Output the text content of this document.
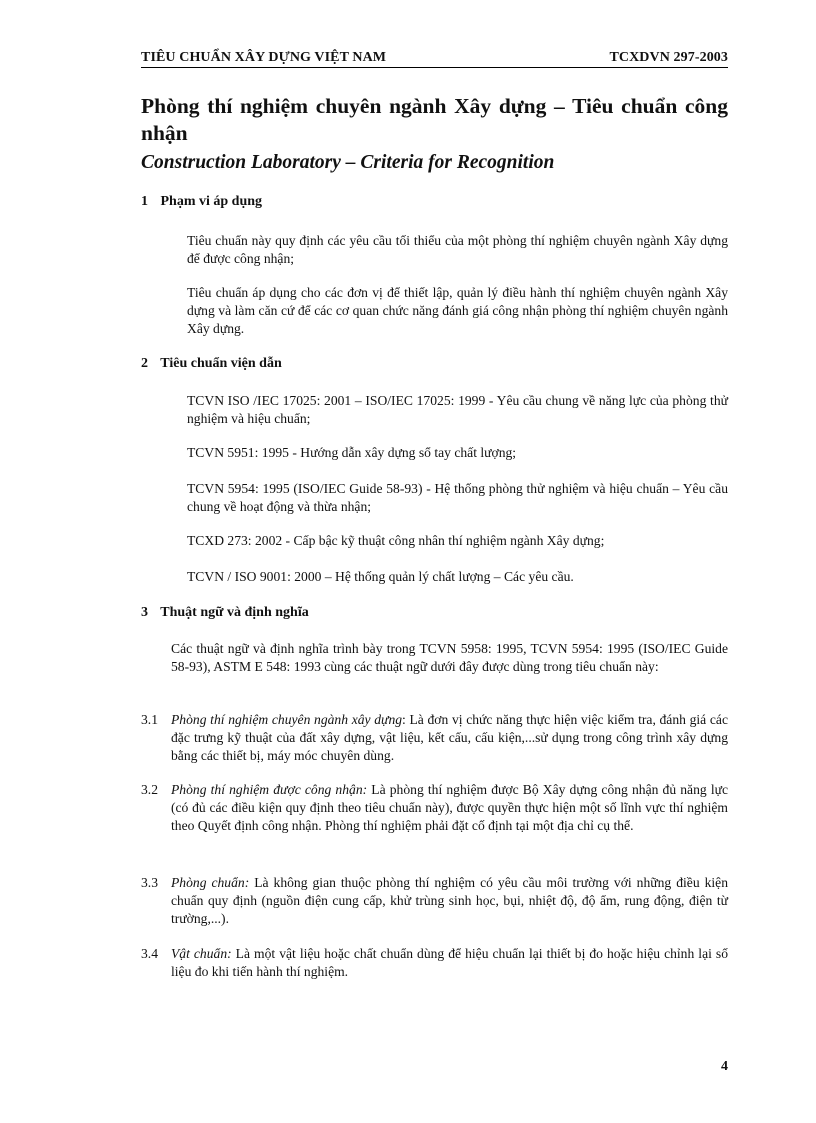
TIÊU CHUẨN XÂY DỰNG VIỆT NAM	TCXDVN 297-2003
Phòng thí nghiệm chuyên ngành Xây dựng – Tiêu chuẩn công nhận
Construction Laboratory – Criteria for Recognition
1 Phạm vi áp dụng
Tiêu chuẩn này quy định các yêu cầu tối thiểu của một phòng thí nghiệm chuyên ngành Xây dựng để được công nhận;
Tiêu chuẩn áp dụng cho các đơn vị để thiết lập, quản lý điều hành thí nghiệm chuyên ngành Xây dựng và làm căn cứ để các cơ quan chức năng đánh giá công nhận phòng thí nghiệm chuyên ngành Xây dựng.
2 Tiêu chuẩn viện dẫn
TCVN ISO /IEC 17025: 2001 – ISO/IEC 17025: 1999 - Yêu cầu chung về năng lực của phòng thử nghiệm và hiệu chuẩn;
TCVN 5951: 1995 - Hướng dẫn xây dựng sổ tay chất lượng;
TCVN 5954: 1995 (ISO/IEC Guide 58-93) - Hệ thống phòng thử nghiệm và hiệu chuẩn – Yêu cầu chung về hoạt động và thừa nhận;
TCXD 273: 2002 - Cấp bậc kỹ thuật công nhân thí nghiệm ngành Xây dựng;
TCVN / ISO 9001: 2000 – Hệ thống quản lý chất lượng – Các yêu cầu.
3 Thuật ngữ và định nghĩa
Các thuật ngữ và định nghĩa trình bày trong TCVN 5958: 1995, TCVN 5954: 1995 (ISO/IEC Guide 58-93), ASTM E 548: 1993 cùng các thuật ngữ dưới đây được dùng trong tiêu chuẩn này:
3.1 Phòng thí nghiệm chuyên ngành xây dựng: Là đơn vị chức năng thực hiện việc kiểm tra, đánh giá các đặc trưng kỹ thuật của đất xây dựng, vật liệu, kết cấu, cấu kiện,...sử dụng trong công trình xây dựng bằng các thiết bị, máy móc chuyên dùng.
3.2 Phòng thí nghiệm được công nhận: Là phòng thí nghiệm được Bộ Xây dựng công nhận đủ năng lực (có đủ các điều kiện quy định theo tiêu chuẩn này), được quyền thực hiện một số lĩnh vực thí nghiệm theo Quyết định công nhận. Phòng thí nghiệm phải đặt cố định tại một địa chỉ cụ thể.
3.3 Phòng chuẩn: Là không gian thuộc phòng thí nghiệm có yêu cầu môi trường với những điều kiện chuẩn quy định (nguồn điện cung cấp, khử trùng sinh học, bụi, nhiệt độ, độ ẩm, rung động, điện từ trường,...).
3.4 Vật chuẩn: Là một vật liệu hoặc chất chuẩn dùng để hiệu chuẩn lại thiết bị đo hoặc hiệu chỉnh lại số liệu đo khi tiến hành thí nghiệm.
4
